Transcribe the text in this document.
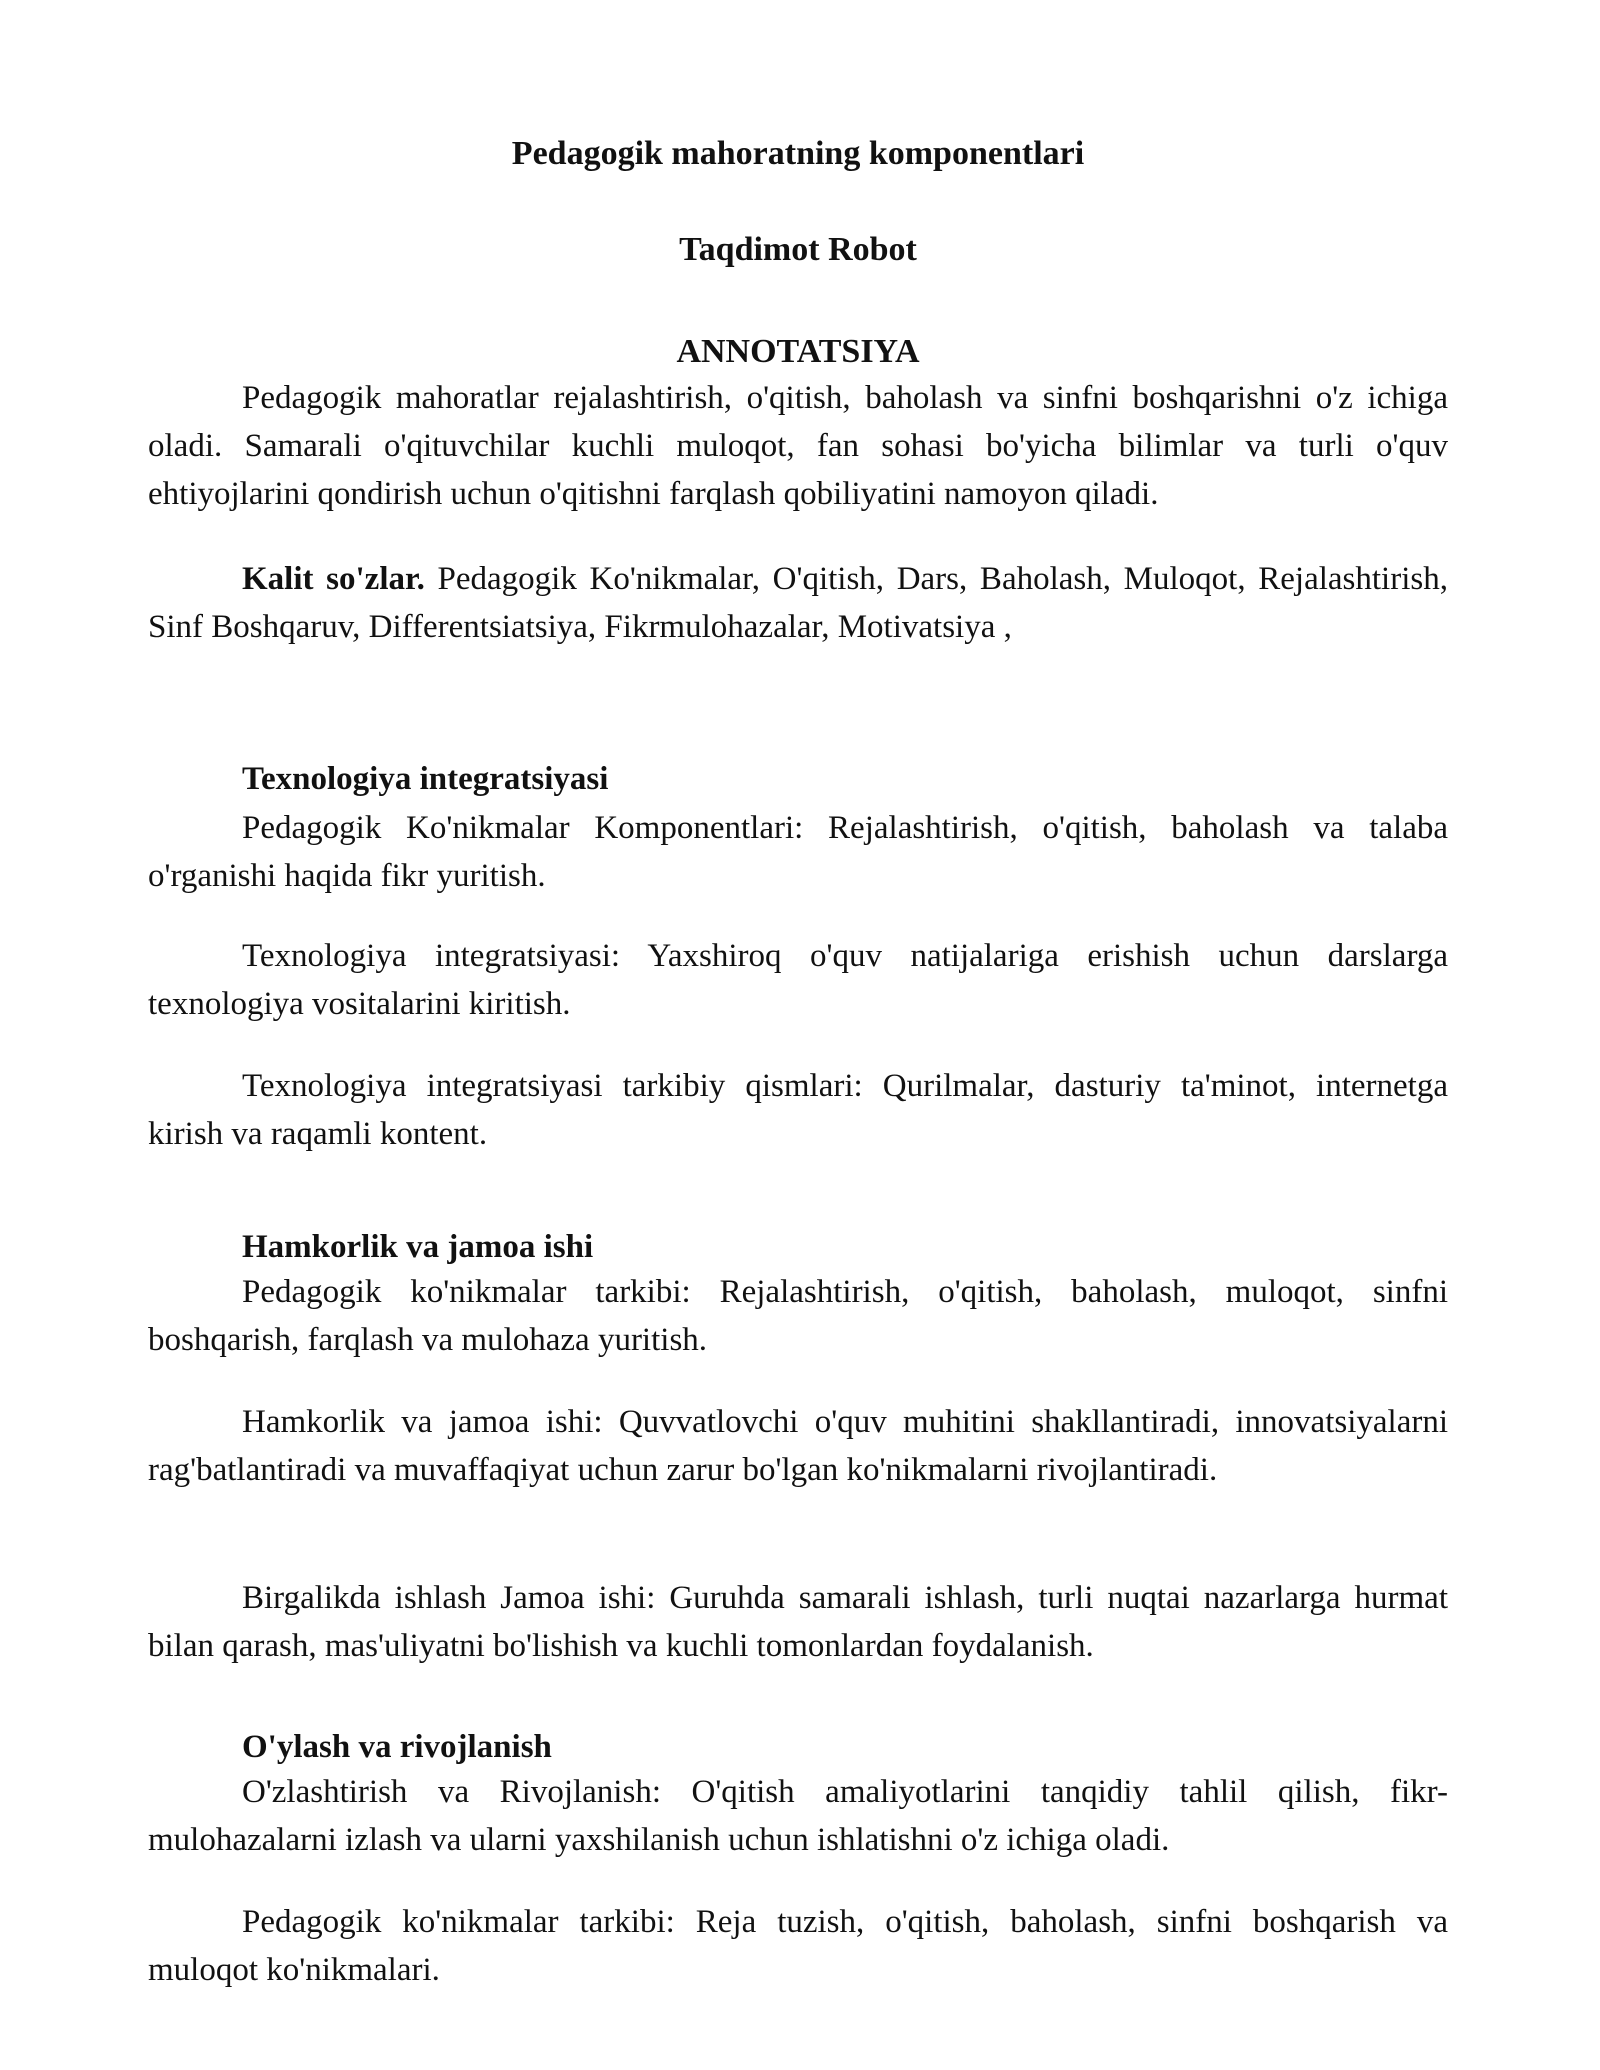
Pedagogik mahoratning komponentlari
Taqdimot Robot
ANNOTATSIYA
Pedagogik mahoratlar rejalashtirish, o'qitish, baholash va sinfni boshqarishni o'z ichiga oladi. Samarali o'qituvchilar kuchli muloqot, fan sohasi bo'yicha bilimlar va turli o'quv ehtiyojlarini qondirish uchun o'qitishni farqlash qobiliyatini namoyon qiladi.
Kalit so'zlar. Pedagogik Ko'nikmalar, O'qitish, Dars, Baholash, Muloqot, Rejalashtirish, Sinf Boshqaruv, Differentsiatsiya, Fikrmulohazalar, Motivatsiya ,
Texnologiya integratsiyasi
Pedagogik Ko'nikmalar Komponentlari: Rejalashtirish, o'qitish, baholash va talaba o'rganishi haqida fikr yuritish.
Texnologiya integratsiyasi: Yaxshiroq o'quv natijalariga erishish uchun darslarga texnologiya vositalarini kiritish.
Texnologiya integratsiyasi tarkibiy qismlari: Qurilmalar, dasturiy ta'minot, internetga kirish va raqamli kontent.
Hamkorlik va jamoa ishi
Pedagogik ko'nikmalar tarkibi: Rejalashtirish, o'qitish, baholash, muloqot, sinfni boshqarish, farqlash va mulohaza yuritish.
Hamkorlik va jamoa ishi: Quvvatlovchi o'quv muhitini shakllantiradi, innovatsiyalarni rag'batlantiradi va muvaffaqiyat uchun zarur bo'lgan ko'nikmalarni rivojlantiradi.
Birgalikda ishlash Jamoa ishi: Guruhda samarali ishlash, turli nuqtai nazarlarga hurmat bilan qarash, mas'uliyatni bo'lishish va kuchli tomonlardan foydalanish.
O'ylash va rivojlanish
O'zlashtirish va Rivojlanish: O'qitish amaliyotlarini tanqidiy tahlil qilish, fikr-mulohazalarni izlash va ularni yaxshilanish uchun ishlatishni o'z ichiga oladi.
Pedagogik ko'nikmalar tarkibi: Reja tuzish, o'qitish, baholash, sinfni boshqarish va muloqot ko'nikmalari.
